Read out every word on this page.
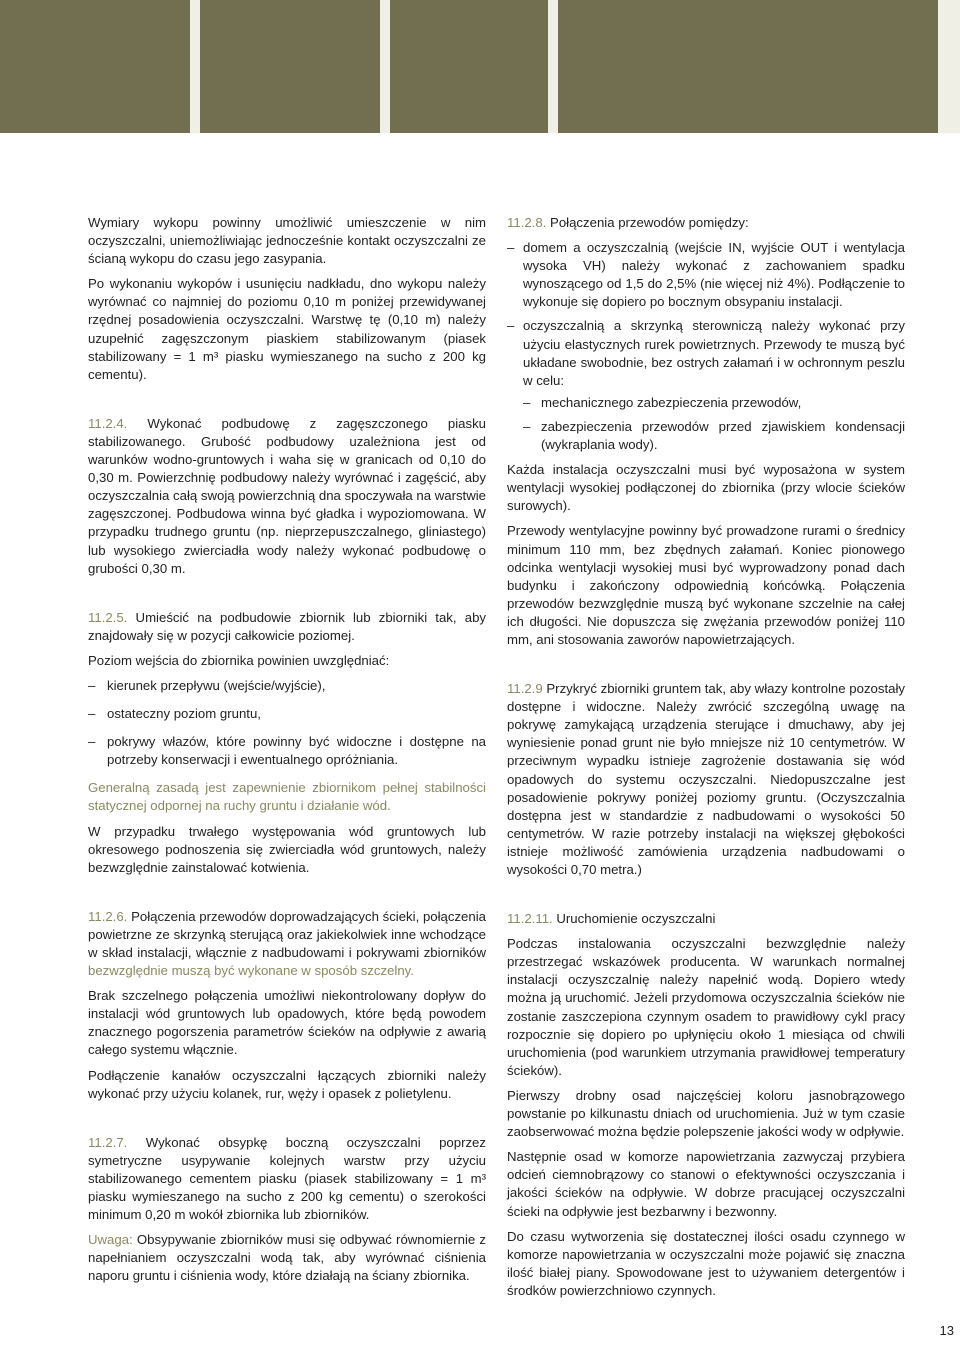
Wymiary wykopu powinny umożliwić umieszczenie w nim oczyszczalni, uniemożliwiając jednocześnie kontakt oczyszczalni ze ścianą wykopu do czasu jego zasypania.

Po wykonaniu wykopów i usunięciu nadkładu, dno wykopu należy wyrównać co najmniej do poziomu 0,10 m poniżej przewidywanej rzędnej posadowienia oczyszczalni. Warstwę tę (0,10 m) należy uzupełnić zagęszczonym piaskiem stabilizowanym (piasek stabilizowany = 1 m³ piasku wymieszanego na sucho z 200 kg cementu).

11.2.4. Wykonać podbudowę z zagęszczonego piasku stabilizowanego. Grubość podbudowy uzależniona jest od warunków wodno-gruntowych i waha się w granicach od 0,10 do 0,30 m. Powierzchnię podbudowy należy wyrównać i zagęścić, aby oczyszczalnia całą swoją powierzchnią dna spoczywała na warstwie zagęszczonej. Podbudowa winna być gładka i wypoziomowana. W przypadku trudnego gruntu (np. nieprzepuszczalnego, gliniastego) lub wysokiego zwierciadła wody należy wykonać podbudowę o grubości 0,30 m.

11.2.5. Umieścić na podbudowie zbiornik lub zbiorniki tak, aby znajdowały się w pozycji całkowicie poziomej.

Poziom wejścia do zbiornika powinien uwzględniać:

– kierunek przepływu (wejście/wyjście),
– ostateczny poziom gruntu,
– pokrywy włazów, które powinny być widoczne i dostępne na potrzeby konserwacji i ewentualnego opróżniania.

Generalną zasadą jest zapewnienie zbiornikom pełnej stabilności statycznej odpornej na ruchy gruntu i działanie wód.

W przypadku trwałego występowania wód gruntowych lub okresowego podnoszenia się zwierciadła wód gruntowych, należy bezwzględnie zainstalować kotwienia.

11.2.6. Połączenia przewodów doprowadzających ścieki, połączenia powietrzne ze skrzynką sterującą oraz jakiekolwiek inne wchodzące w skład instalacji, włącznie z nadbudowami i pokrywami zbiorników bezwzględnie muszą być wykonane w sposób szczelny.

Brak szczelnego połączenia umożliwi niekontrolowany dopływ do instalacji wód gruntowych lub opadowych, które będą powodem znacznego pogorszenia parametrów ścieków na odpływie z awarią całego systemu włącznie.

Podłączenie kanałów oczyszczalni łączących zbiorniki należy wykonać przy użyciu kolanek, rur, węży i opasek z polietylenu.

11.2.7. Wykonać obsypkę boczną oczyszczalni poprzez symetryczne usypywanie kolejnych warstw przy użyciu stabilizowanego cementem piasku (piasek stabilizowany = 1 m³ piasku wymieszanego na sucho z 200 kg cementu) o szerokości minimum 0,20 m wokół zbiornika lub zbiorników.

Uwaga: Obsypywanie zbiorników musi się odbywać równomiernie z napełnianiem oczyszczalni wodą tak, aby wyrównać ciśnienia naporu gruntu i ciśnienia wody, które działają na ściany zbiornika.

11.2.8. Połączenia przewodów pomiędzy:

– domem a oczyszczalnią (wejście IN, wyjście OUT i wentylacja wysoka VH) należy wykonać z zachowaniem spadku wynoszącego od 1,5 do 2,5% (nie więcej niż 4%). Podłączenie to wykonuje się dopiero po bocznym obsypaniu instalacji.
– oczyszczalnią a skrzynką sterowniczą należy wykonać przy użyciu elastycznych rurek powietrznych. Przewody te muszą być układane swobodnie, bez ostrych załamań i w ochronnym peszlu w celu:
– mechanicznego zabezpieczenia przewodów,
– zabezpieczenia przewodów przed zjawiskiem kondensacji (wykraplania wody).

Każda instalacja oczyszczalni musi być wyposażona w system wentylacji wysokiej podłączonej do zbiornika (przy wlocie ścieków surowych).

Przewody wentylacyjne powinny być prowadzone rurami o średnicy minimum 110 mm, bez zbędnych załamań. Koniec pionowego odcinka wentylacji wysokiej musi być wyprowadzony ponad dach budynku i zakończony odpowiednią końcówką. Połączenia przewodów bezwzględnie muszą być wykonane szczelnie na całej ich długości. Nie dopuszcza się zwężania przewodów poniżej 110 mm, ani stosowania zaworów napowietrzających.

11.2.9 Przykryć zbiorniki gruntem tak, aby włazy kontrolne pozostały dostępne i widoczne. Należy zwrócić szczególną uwagę na pokrywę zamykającą urządzenia sterujące i dmuchawy, aby jej wyniesienie ponad grunt nie było mniejsze niż 10 centymetrów. W przeciwnym wypadku istnieje zagrożenie dostawania się wód opadowych do systemu oczyszczalni. Niedopuszczalne jest posadowienie pokrywy poniżej poziomy gruntu. (Oczyszczalnia dostępna jest w standardzie z nadbudowami o wysokości 50 centymetrów. W razie potrzeby instalacji na większej głębokości istnieje możliwość zamówienia urządzenia nadbudowami o wysokości 0,70 metra.)

11.2.11. Uruchomienie oczyszczalni

Podczas instalowania oczyszczalni bezwzględnie należy przestrzegać wskazówek producenta. W warunkach normalnej instalacji oczyszczalnię należy napełnić wodą. Dopiero wtedy można ją uruchomić. Jeżeli przydomowa oczyszczalnia ścieków nie zostanie zaszczepiona czynnym osadem to prawidłowy cykl pracy rozpocznie się dopiero po upłynięciu około 1 miesiąca od chwili uruchomienia (pod warunkiem utrzymania prawidłowej temperatury ścieków).

Pierwszy drobny osad najczęściej koloru jasnobrązowego powstanie po kilkunastu dniach od uruchomienia. Już w tym czasie zaobserwować można będzie polepszenie jakości wody w odpływie.

Następnie osad w komorze napowietrzania zazwyczaj przybiera odcień ciemnobrązowy co stanowi o efektywności oczyszczania i jakości ścieków na odpływie. W dobrze pracującej oczyszczalni ścieki na odpływie jest bezbarwny i bezwonny.

Do czasu wytworzenia się dostatecznej ilości osadu czynnego w komorze napowietrzania w oczyszczalni może pojawić się znaczna ilość białej piany. Spowodowane jest to używaniem detergentów i środków powierzchniowo czynnych.

13
